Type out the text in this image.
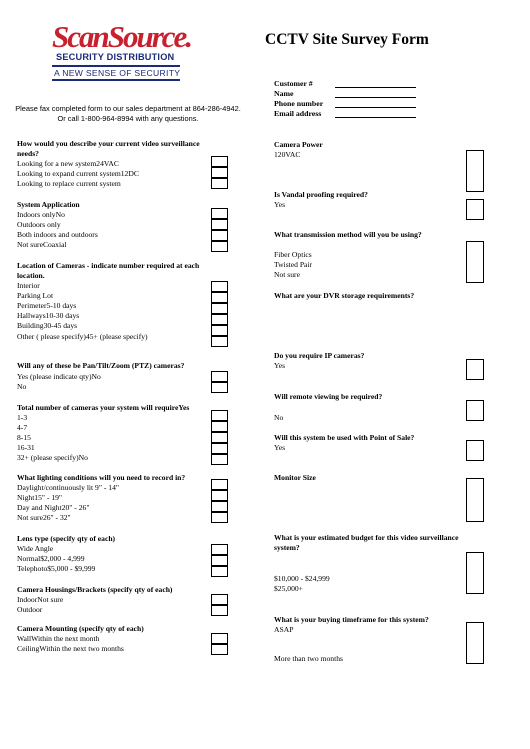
ScanSource.
SECURITY DISTRIBUTION
A NEW SENSE OF SECURITY
CCTV Site Survey Form
Please fax completed form to our sales department at 864-286-4942. Or call 1-800-964-8994 with any questions.
Customer #
Name
Phone number
Email address
How would you describe your current video surveillance needs?
Looking for a new system24VAC
Looking to expand current system12DC
Looking to replace current system
System Application
Indoors onlyNo
Outdoors only
Both indoors and outdoors
Not sureCoaxial
Location of Cameras - indicate number required at each location.
Interior
Parking Lot
Perimeter5-10 days
Hallways10-30 days
Building30-45 days
Other ( please specify)45+ (please specify)
Will any of these be Pan/Tilt/Zoom (PTZ) cameras?
Yes (please indicate qty)No
No
Total number of cameras your system will requireYes
1-3
4-7
8-15
16-31
32+ (please specify)No
What lighting conditions will you need to record in?
Daylight/continuously lit 9" - 14"
Night15" - 19"
Day and Night20" - 26"
Not sure26" - 32"
Lens type (specify qty of each)
Wide Angle
Normal$2,000 - 4,999
Telephoto$5,000 - $9,999
Camera Housings/Brackets (specify qty of each)
IndoorNot sure
Outdoor
Camera Mounting (specify qty of each)
WallWithin the next month
CeilingWithin the next two months
Camera Power
120VAC
Is Vandal proofing required?
Yes
What transmission method will you be using?
Fiber Optics
Twisted Pair
Not sure
What are your DVR storage requirements?
Do you require IP cameras?
Yes
Will remote viewing be required?
No
Will this system be used with Point of Sale?
Yes
Monitor Size
What is your estimated budget for this video surveillance system?
$10,000 - $24,999
$25,000+
What is your buying timeframe for this system?
ASAP
More than two months
